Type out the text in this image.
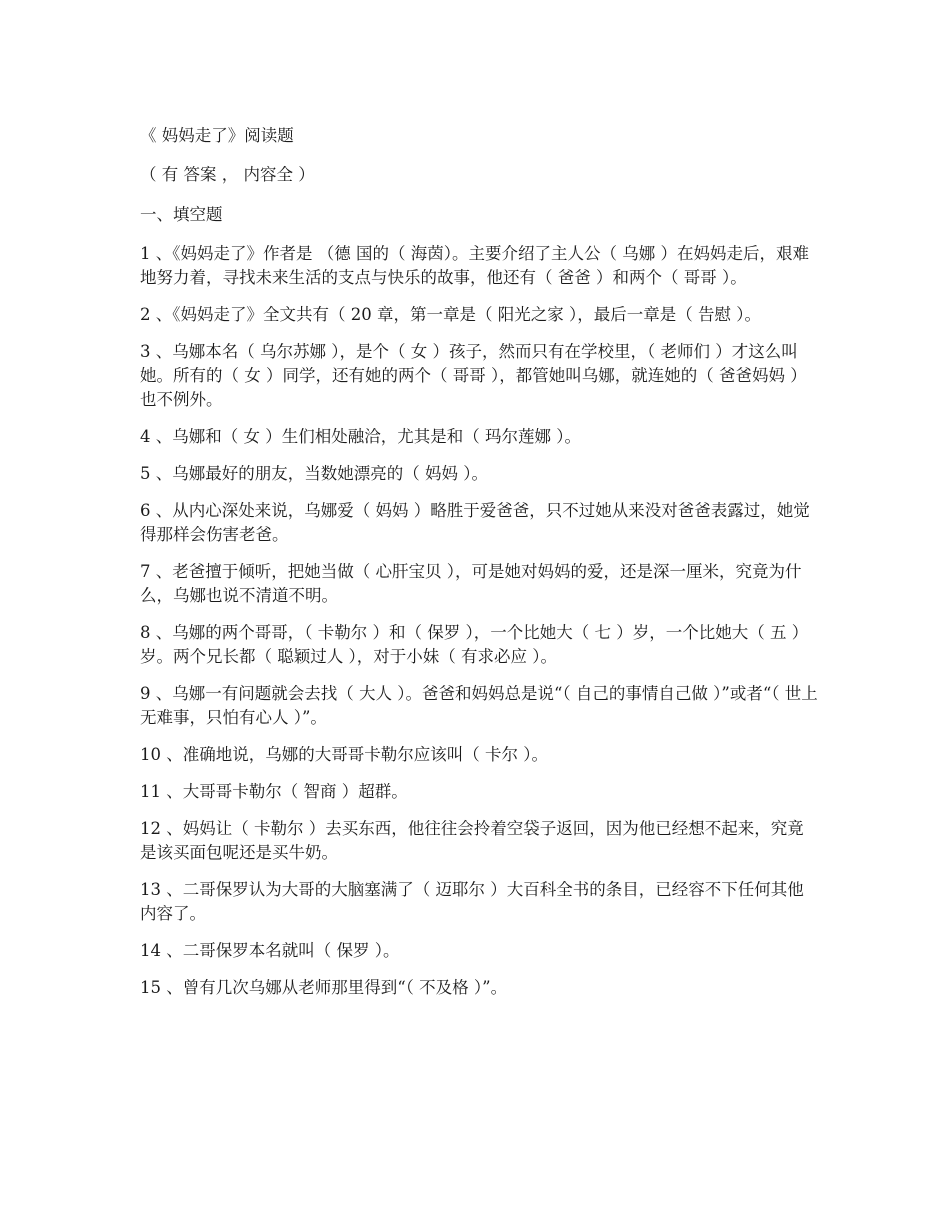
《 妈妈走了》阅读题
（ 有 答案 ， 内容全 ）
一、填空题
1 、《妈妈走了》作者是 （德 国的（ 海茵）。主要介绍了主人公（ 乌娜 ）在妈妈走后，艰难地努力着，寻找未来生活的支点与快乐的故事，他还有（ 爸爸 ）和两个（ 哥哥 ）。
2 、《妈妈走了》全文共有（ 20 章，第一章是（ 阳光之家 ），最后一章是（ 告慰 ）。
3 、乌娜本名（ 乌尔苏娜 ），是个（ 女 ）孩子，然而只有在学校里，（ 老师们 ）才这么叫她。所有的（ 女 ）同学，还有她的两个（ 哥哥 ），都管她叫乌娜，就连她的（ 爸爸妈妈 ）也不例外。
4 、乌娜和（ 女 ）生们相处融洽，尤其是和（ 玛尔莲娜 ）。
5 、乌娜最好的朋友，当数她漂亮的（ 妈妈 ）。
6 、从内心深处来说，乌娜爱（ 妈妈 ）略胜于爱爸爸，只不过她从来没对爸爸表露过，她觉得那样会伤害老爸。
7 、老爸擅于倾听，把她当做（ 心肝宝贝 ），可是她对妈妈的爱，还是深一厘米，究竟为什么，乌娜也说不清道不明。
8 、乌娜的两个哥哥，（ 卡勒尔 ）和（ 保罗 ），一个比她大（ 七 ）岁，一个比她大（ 五 ）岁。两个兄长都（ 聪颖过人 ），对于小妹（ 有求必应 ）。
9 、乌娜一有问题就会去找（ 大人 ）。爸爸和妈妈总是说“（ 自己的事情自己做 ）”或者“（ 世上无难事，只怕有心人 ）”。
10 、准确地说，乌娜的大哥哥卡勒尔应该叫（ 卡尔 ）。
11 、大哥哥卡勒尔（ 智商 ）超群。
12 、妈妈让（ 卡勒尔 ）去买东西，他往往会拎着空袋子返回，因为他已经想不起来，究竟是该买面包呢还是买牛奶。
13 、二哥保罗认为大哥的大脑塞满了（ 迈耶尔 ）大百科全书的条目，已经容不下任何其他内容了。
14 、二哥保罗本名就叫（ 保罗 ）。
15 、曾有几次乌娜从老师那里得到“（ 不及格 ）”。
